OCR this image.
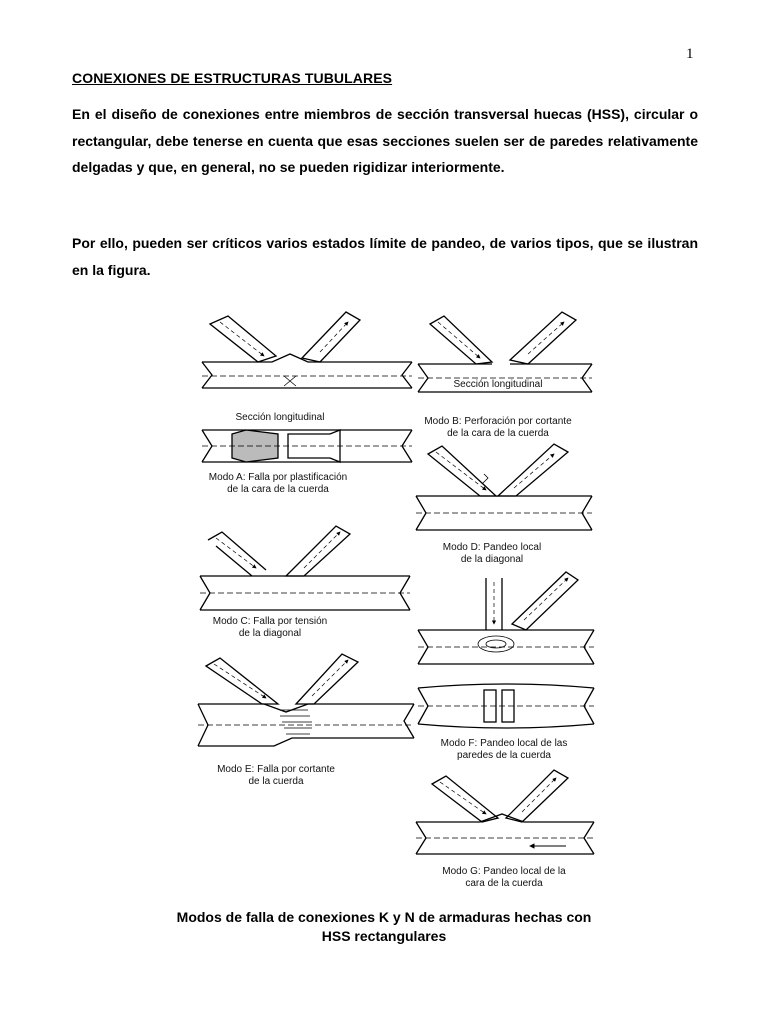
1
CONEXIONES DE ESTRUCTURAS TUBULARES
En el diseño de conexiones entre miembros de sección transversal huecas (HSS), circular o rectangular, debe tenerse en cuenta que esas secciones suelen ser de paredes relativamente delgadas y que, en general, no se pueden rigidizar interiormente.
Por ello, pueden ser críticos varios estados límite de pandeo, de varios tipos, que se ilustran en la figura.
Sección longitudinal
Modo A: Falla por plastificación
de la cara de la cuerda
Sección longitudinal
Modo B: Perforación por cortante
de la cara de la cuerda
Modo D: Pandeo local
de la diagonal
Modo C: Falla por tensión
de la diagonal
Modo F: Pandeo local de las
paredes de la cuerda
Modo E: Falla por cortante
de la cuerda
Modo G: Pandeo local de la
cara de la cuerda
Modos de falla de conexiones K y N de armaduras hechas con
HSS rectangulares
